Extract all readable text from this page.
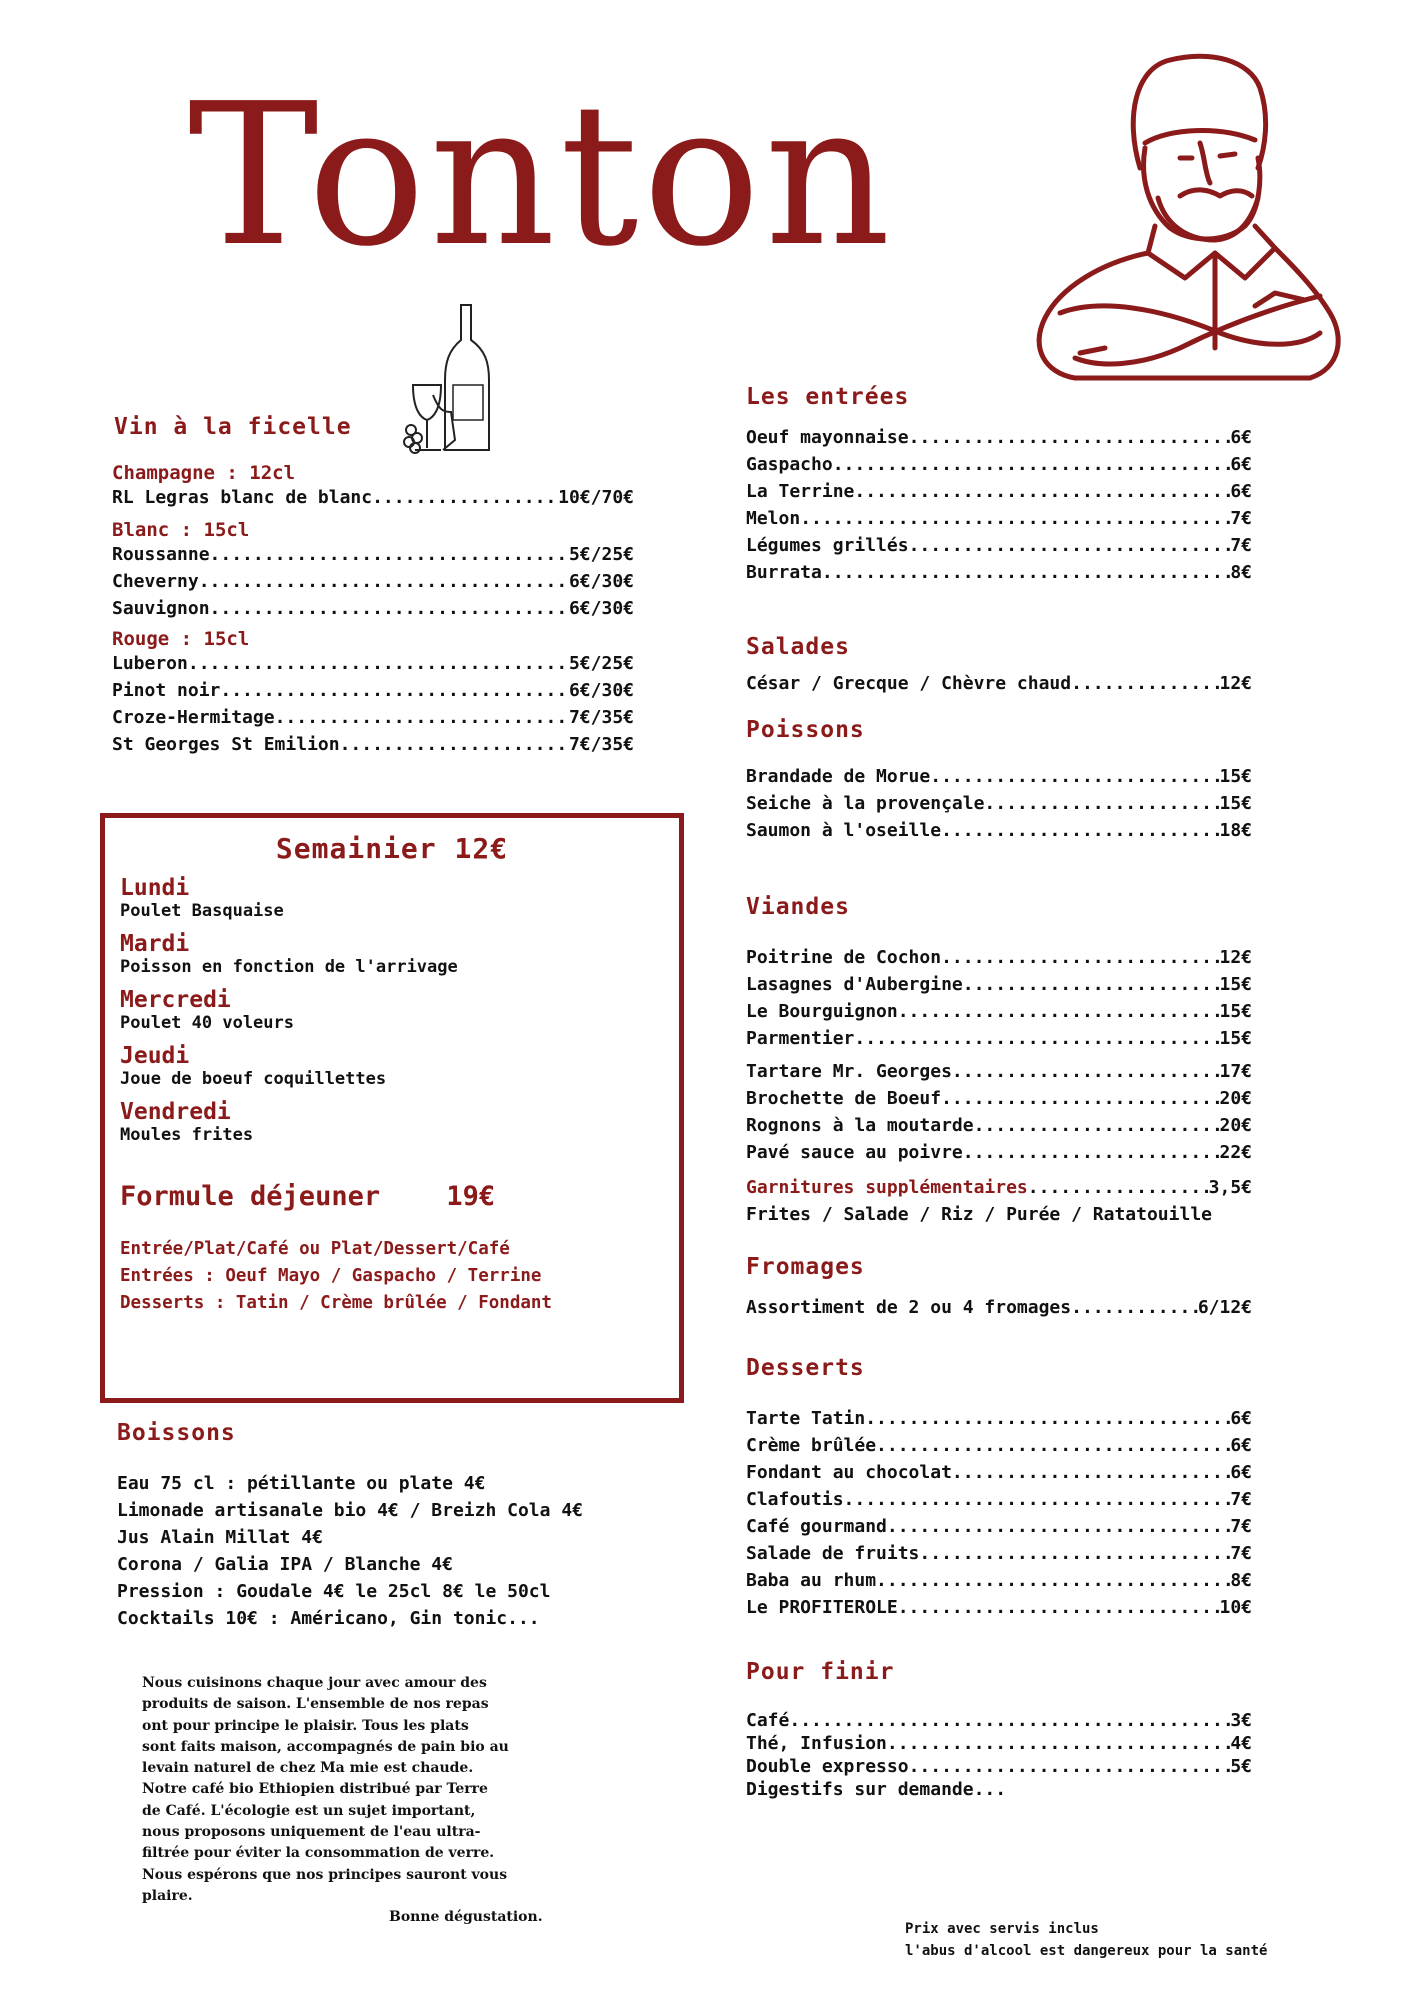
Tonton
Vin à la ficelle
Champagne : 12cl
RL Legras blanc de blanc .....	10€/70€
Blanc : 15cl
Roussanne .....	5€/25€
Cheverny .....	6€/30€
Sauvignon .....	6€/30€
Rouge : 15cl
Luberon .....	5€/25€
Pinot noir .....	6€/30€
Croze-Hermitage .....	7€/35€
St Georges St Emilion .....	7€/35€
Semainier 12€
Lundi
Poulet Basquaise
Mardi
Poisson en fonction de l'arrivage
Mercredi
Poulet 40 voleurs
Jeudi
Joue de boeuf coquillettes
Vendredi
Moules frites
Formule déjeuner 19€
Entrée/Plat/Café ou Plat/Dessert/Café
Entrées : Oeuf Mayo / Gaspacho / Terrine
Desserts : Tatin / Crème brûlée / Fondant
Boissons
Eau 75 cl : pétillante ou plate 4€
Limonade artisanale bio 4€ / Breizh Cola 4€
Jus Alain Millat 4€
Corona / Galia IPA / Blanche 4€
Pression : Goudale 4€ le 25cl 8€ le 50cl
Cocktails 10€ : Américano, Gin tonic...
Nous cuisinons chaque jour avec amour des
produits de saison. L'ensemble de nos repas
ont pour principe le plaisir. Tous les plats
sont faits maison, accompagnés de pain bio au
levain naturel de chez Ma mie est chaude.
Notre café bio Ethiopien distribué par Terre
de Café. L'écologie est un sujet important,
nous proposons uniquement de l'eau ultra-
filtrée pour éviter la consommation de verre.
Nous espérons que nos principes sauront vous
plaire.
Bonne dégustation.
Les entrées
Oeuf mayonnaise .....	6€
Gaspacho .....	6€
La Terrine .....	6€
Melon .....	7€
Légumes grillés .....	7€
Burrata .....	8€
Salades
César / Grecque / Chèvre chaud .....	12€
Poissons
Brandade de Morue .....	15€
Seiche à la provençale .....	15€
Saumon à l'oseille .....	18€
Viandes
Poitrine de Cochon .....	12€
Lasagnes d'Aubergine .....	15€
Le Bourguignon .....	15€
Parmentier .....	15€
Tartare Mr. Georges .....	17€
Brochette de Boeuf .....	20€
Rognons à la moutarde .....	20€
Pavé sauce au poivre .....	22€
Garnitures supplémentaires .....	3,5€
Frites / Salade / Riz / Purée / Ratatouille
Fromages
Assortiment de 2 ou 4 fromages .....	6/12€
Desserts
Tarte Tatin .....	6€
Crème brûlée .....	6€
Fondant au chocolat .....	6€
Clafoutis .....	7€
Café gourmand .....	7€
Salade de fruits .....	7€
Baba au rhum .....	8€
Le PROFITEROLE .....	10€
Pour finir
Café .....	3€
Thé, Infusion .....	4€
Double expresso .....	5€
Digestifs sur demande...
Prix avec servis inclus
l'abus d'alcool est dangereux pour la santé
